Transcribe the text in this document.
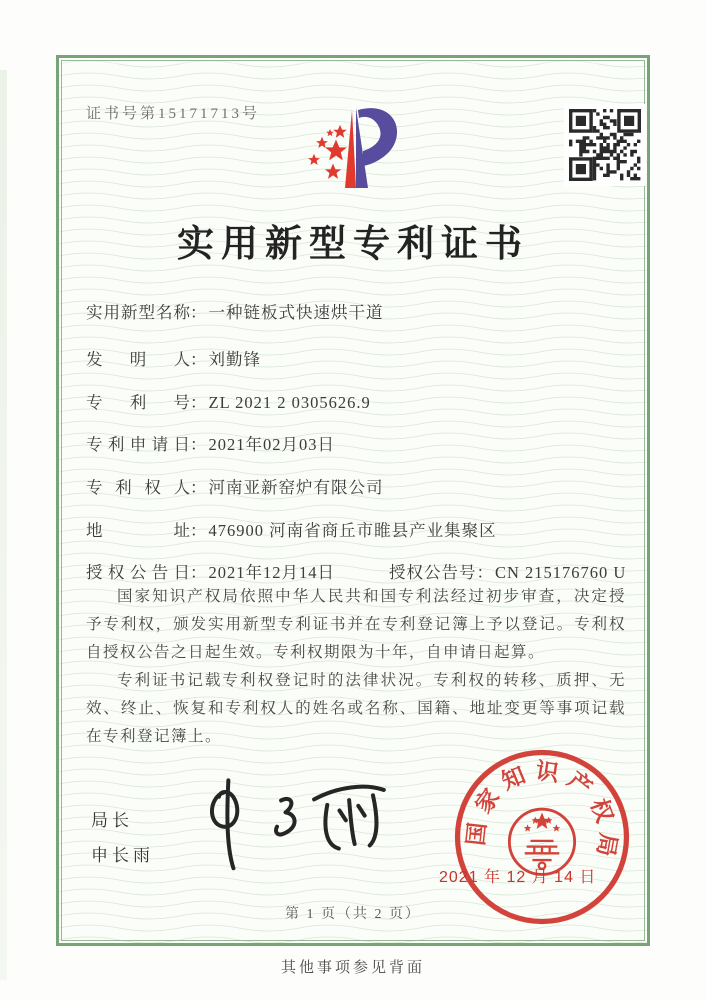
证书号第15171713号
实用新型专利证书
实用新型名称： 一种链板式快速烘干道
发明人： 刘勤锋
专利号： ZL 2021 2 0305626.9
专利申请日： 2021年02月03日
专利权人： 河南亚新窑炉有限公司
地址： 476900 河南省商丘市睢县产业集聚区
授权公告日： 2021年12月14日	授权公告号： CN 215176760 U

国家知识产权局依照中华人民共和国专利法经过初步审查，决定授予专利权，颁发实用新型专利证书并在专利登记簿上予以登记。专利权自授权公告之日起生效。专利权期限为十年，自申请日起算。

专利证书记载专利权登记时的法律状况。专利权的转移、质押、无效、终止、恢复和专利权人的姓名或名称、国籍、地址变更等事项记载在专利登记簿上。

局长
申长雨
国家知识产权局
2021 年 12 月 14 日
第 1 页（共 2 页）
其他事项参见背面
